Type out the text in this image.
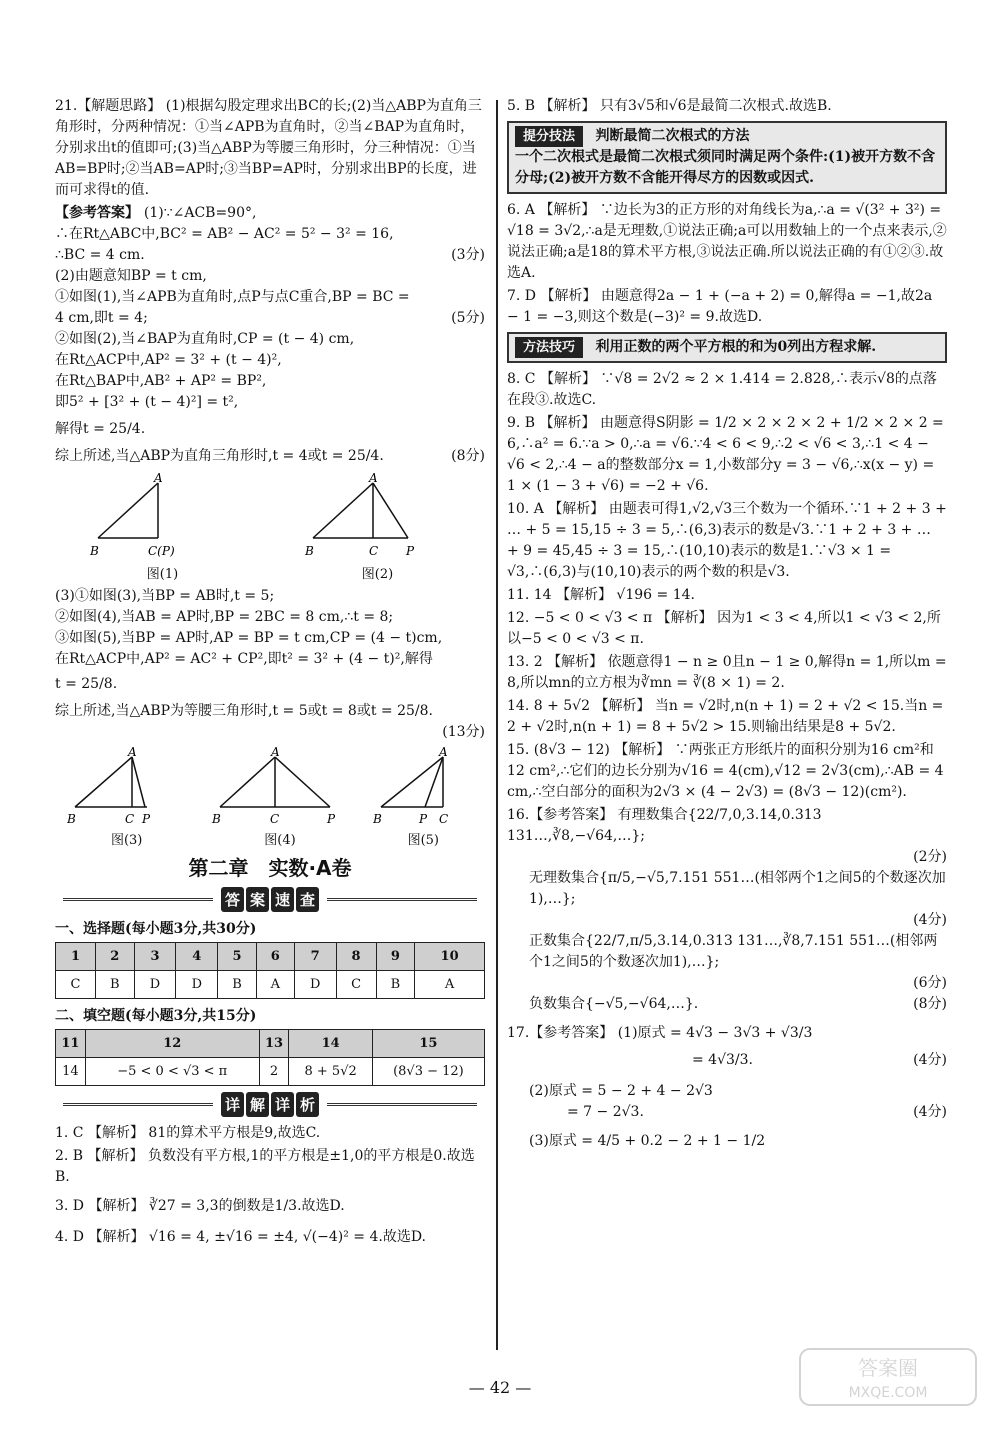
21.【解题思路】 (1)根据勾股定理求出BC的长;(2)当△ABP为直角三角形时，分两种情况：①当∠APB为直角时，②当∠BAP为直角时，分别求出t的值即可;(3)当△ABP为等腰三角形时，分三种情况：①当AB=BP时;②当AB=AP时;③当BP=AP时，分别求出BP的长度，进而可求得t的值.
【参考答案】 (1)∵∠ACB=90°,
∴在Rt△ABC中,BC² = AB² − AC² = 5² − 3² = 16,
∴BC = 4 cm.	(3分)
(2)由题意知BP = t cm,
①如图(1),当∠APB为直角时,点P与点C重合,BP = BC =
4 cm,即t = 4;	(5分)
②如图(2),当∠BAP为直角时,CP = (t − 4) cm,
在Rt△ACP中,AP² = 3² + (t − 4)²,
在Rt△BAP中,AB² + AP² = BP²,
即5² + [3² + (t − 4)²] = t²,
解得t = 25/4.
综上所述,当△ABP为直角三角形时,t = 4或t = 25/4.	(8分)
A
B	C(P)
图(1)
A
B	C P
图(2)
(3)①如图(3),当BP = AB时,t = 5;
②如图(4),当AB = AP时,BP = 2BC = 8 cm,∴t = 8;
③如图(5),当BP = AP时,AP = BP = t cm,CP = (4 − t)cm,
在Rt△ACP中,AP² = AC² + CP²,即t² = 3² + (4 − t)²,解得
t = 25/8.
综上所述,当△ABP为等腰三角形时,t = 5或t = 8或t = 25/8.
(13分)
A
B	C P
图(3)
A
B	C	P
图(4)
A
B	P C
图(5)
第二章　实数·A卷
答 案 速 查
一、选择题(每小题3分,共30分)
1	2	3	4	5	6	7	8	9	10
C	B	D	D	B	A	D	C	B	A
二、填空题(每小题3分,共15分)
11	12	13	14	15
14	−5 < 0 < √3 < π	2	8 + 5√2	(8√3 − 12)
详 解 详 析
1. C 【解析】 81的算术平方根是9,故选C.
2. B 【解析】 负数没有平方根,1的平方根是±1,0的平方根是0.故选B.
3. D 【解析】 ∛27 = 3,3的倒数是1/3.故选D.
4. D 【解析】 √16 = 4, ±√16 = ±4, √(−4)² = 4.故选D.
5. B 【解析】 只有3√5和√6是最简二次根式.故选B.
提分技法 判断最简二次根式的方法
一个二次根式是最简二次根式须同时满足两个条件:(1)被开方数不含分母;(2)被开方数不含能开得尽方的因数或因式.
6. A 【解析】 ∵边长为3的正方形的对角线长为a,∴a = √(3² + 3²) = √18 = 3√2,∴a是无理数,①说法正确;a可以用数轴上的一个点来表示,②说法正确;a是18的算术平方根,③说法正确.所以说法正确的有①②③.故选A.
7. D 【解析】 由题意得2a − 1 + (−a + 2) = 0,解得a = −1,故2a − 1 = −3,则这个数是(−3)² = 9.故选D.
方法技巧 利用正数的两个平方根的和为0列出方程求解.
8. C 【解析】 ∵√8 = 2√2 ≈ 2 × 1.414 = 2.828,∴表示√8的点落在段③.故选C.
9. B 【解析】 由题意得S阴影 = 1/2 × 2 × 2 × 2 + 1/2 × 2 × 2 = 6,∴a² = 6.∵a > 0,∴a = √6.∵4 < 6 < 9,∴2 < √6 < 3,∴1 < 4 − √6 < 2,∴4 − a的整数部分x = 1,小数部分y = 3 − √6,∴x(x − y) = 1 × (1 − 3 + √6) = −2 + √6.
10. A 【解析】 由题表可得1,√2,√3三个数为一个循环.∵1 + 2 + 3 + … + 5 = 15,15 ÷ 3 = 5,∴(6,3)表示的数是√3.∵1 + 2 + 3 + … + 9 = 45,45 ÷ 3 = 15,∴(10,10)表示的数是1.∵√3 × 1 = √3,∴(6,3)与(10,10)表示的两个数的积是√3.
11. 14 【解析】 √196 = 14.
12. −5 < 0 < √3 < π 【解析】 因为1 < 3 < 4,所以1 < √3 < 2,所以−5 < 0 < √3 < π.
13. 2 【解析】 依题意得1 − n ≥ 0且n − 1 ≥ 0,解得n = 1,所以m = 8,所以mn的立方根为∛mn = ∛(8 × 1) = 2.
14. 8 + 5√2 【解析】 当n = √2时,n(n + 1) = 2 + √2 < 15.当n = 2 + √2时,n(n + 1) = 8 + 5√2 > 15.则输出结果是8 + 5√2.
15. (8√3 − 12) 【解析】 ∵两张正方形纸片的面积分别为16 cm²和12 cm²,∴它们的边长分别为√16 = 4(cm),√12 = 2√3(cm),∴AB = 4 cm,∴空白部分的面积为2√3 × (4 − 2√3) = (8√3 − 12)(cm²).
16.【参考答案】 有理数集合{22/7,0,3.14,0.313 131…,∛8,−√64,…};
(2分)
无理数集合{π/5,−√5,7.151 551…(相邻两个1之间5的个数逐次加1),…};
(4分)
正数集合{22/7,π/5,3.14,0.313 131…,∛8,7.151 551…(相邻两个1之间5的个数逐次加1),…};
(6分)
负数集合{−√5,−√64,…}.	(8分)
17.【参考答案】 (1)原式 = 4√3 − 3√3 + √3/3
= 4√3/3.	(4分)
(2)原式 = 5 − 2 + 4 − 2√3
= 7 − 2√3.	(4分)
(3)原式 = 4/5 + 0.2 − 2 + 1 − 1/2
— 42 —
答案圈
MXQE.COM
